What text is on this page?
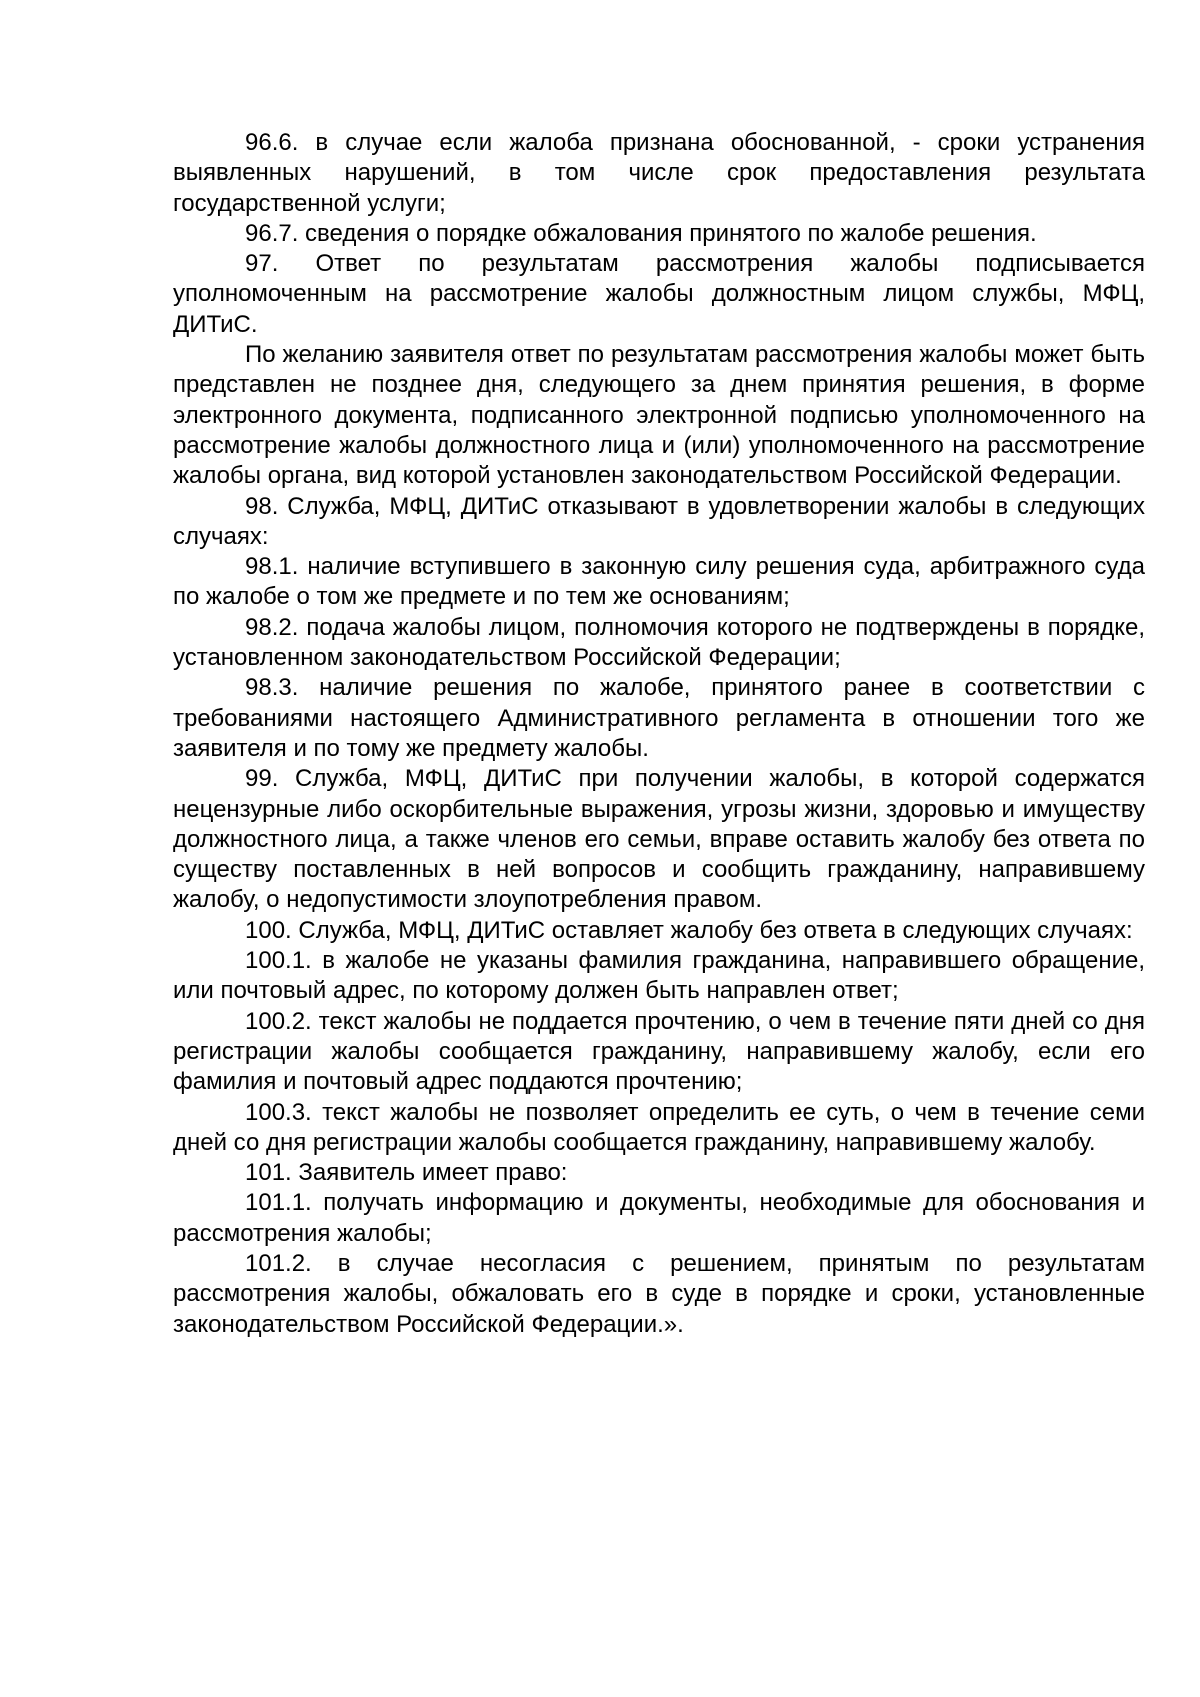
96.6. в случае если жалоба признана обоснованной, - сроки устранения выявленных нарушений, в том числе срок предоставления результата государственной услуги;

96.7. сведения о порядке обжалования принятого по жалобе решения.

97. Ответ по результатам рассмотрения жалобы подписывается уполномоченным на рассмотрение жалобы должностным лицом службы, МФЦ, ДИТиС.

По желанию заявителя ответ по результатам рассмотрения жалобы может быть представлен не позднее дня, следующего за днем принятия решения, в форме электронного документа, подписанного электронной подписью уполномоченного на рассмотрение жалобы должностного лица и (или) уполномоченного на рассмотрение жалобы органа, вид которой установлен законодательством Российской Федерации.

98. Служба, МФЦ, ДИТиС отказывают в удовлетворении жалобы в следующих случаях:

98.1. наличие вступившего в законную силу решения суда, арбитражного суда по жалобе о том же предмете и по тем же основаниям;

98.2. подача жалобы лицом, полномочия которого не подтверждены в порядке, установленном законодательством Российской Федерации;

98.3. наличие решения по жалобе, принятого ранее в соответствии с требованиями настоящего Административного регламента в отношении того же заявителя и по тому же предмету жалобы.

99. Служба, МФЦ, ДИТиС при получении жалобы, в которой содержатся нецензурные либо оскорбительные выражения, угрозы жизни, здоровью и имуществу должностного лица, а также членов его семьи, вправе оставить жалобу без ответа по существу поставленных в ней вопросов и сообщить гражданину, направившему жалобу, о недопустимости злоупотребления правом.

100. Служба, МФЦ, ДИТиС оставляет жалобу без ответа в следующих случаях:

100.1. в жалобе не указаны фамилия гражданина, направившего обращение, или почтовый адрес, по которому должен быть направлен ответ;

100.2. текст жалобы не поддается прочтению, о чем в течение пяти дней со дня регистрации жалобы сообщается гражданину, направившему жалобу, если его фамилия и почтовый адрес поддаются прочтению;

100.3. текст жалобы не позволяет определить ее суть, о чем в течение семи дней со дня регистрации жалобы сообщается гражданину, направившему жалобу.

101. Заявитель имеет право:

101.1. получать информацию и документы, необходимые для обоснования и рассмотрения жалобы;

101.2. в случае несогласия с решением, принятым по результатам рассмотрения жалобы, обжаловать его в суде в порядке и сроки, установленные законодательством Российской Федерации.».
